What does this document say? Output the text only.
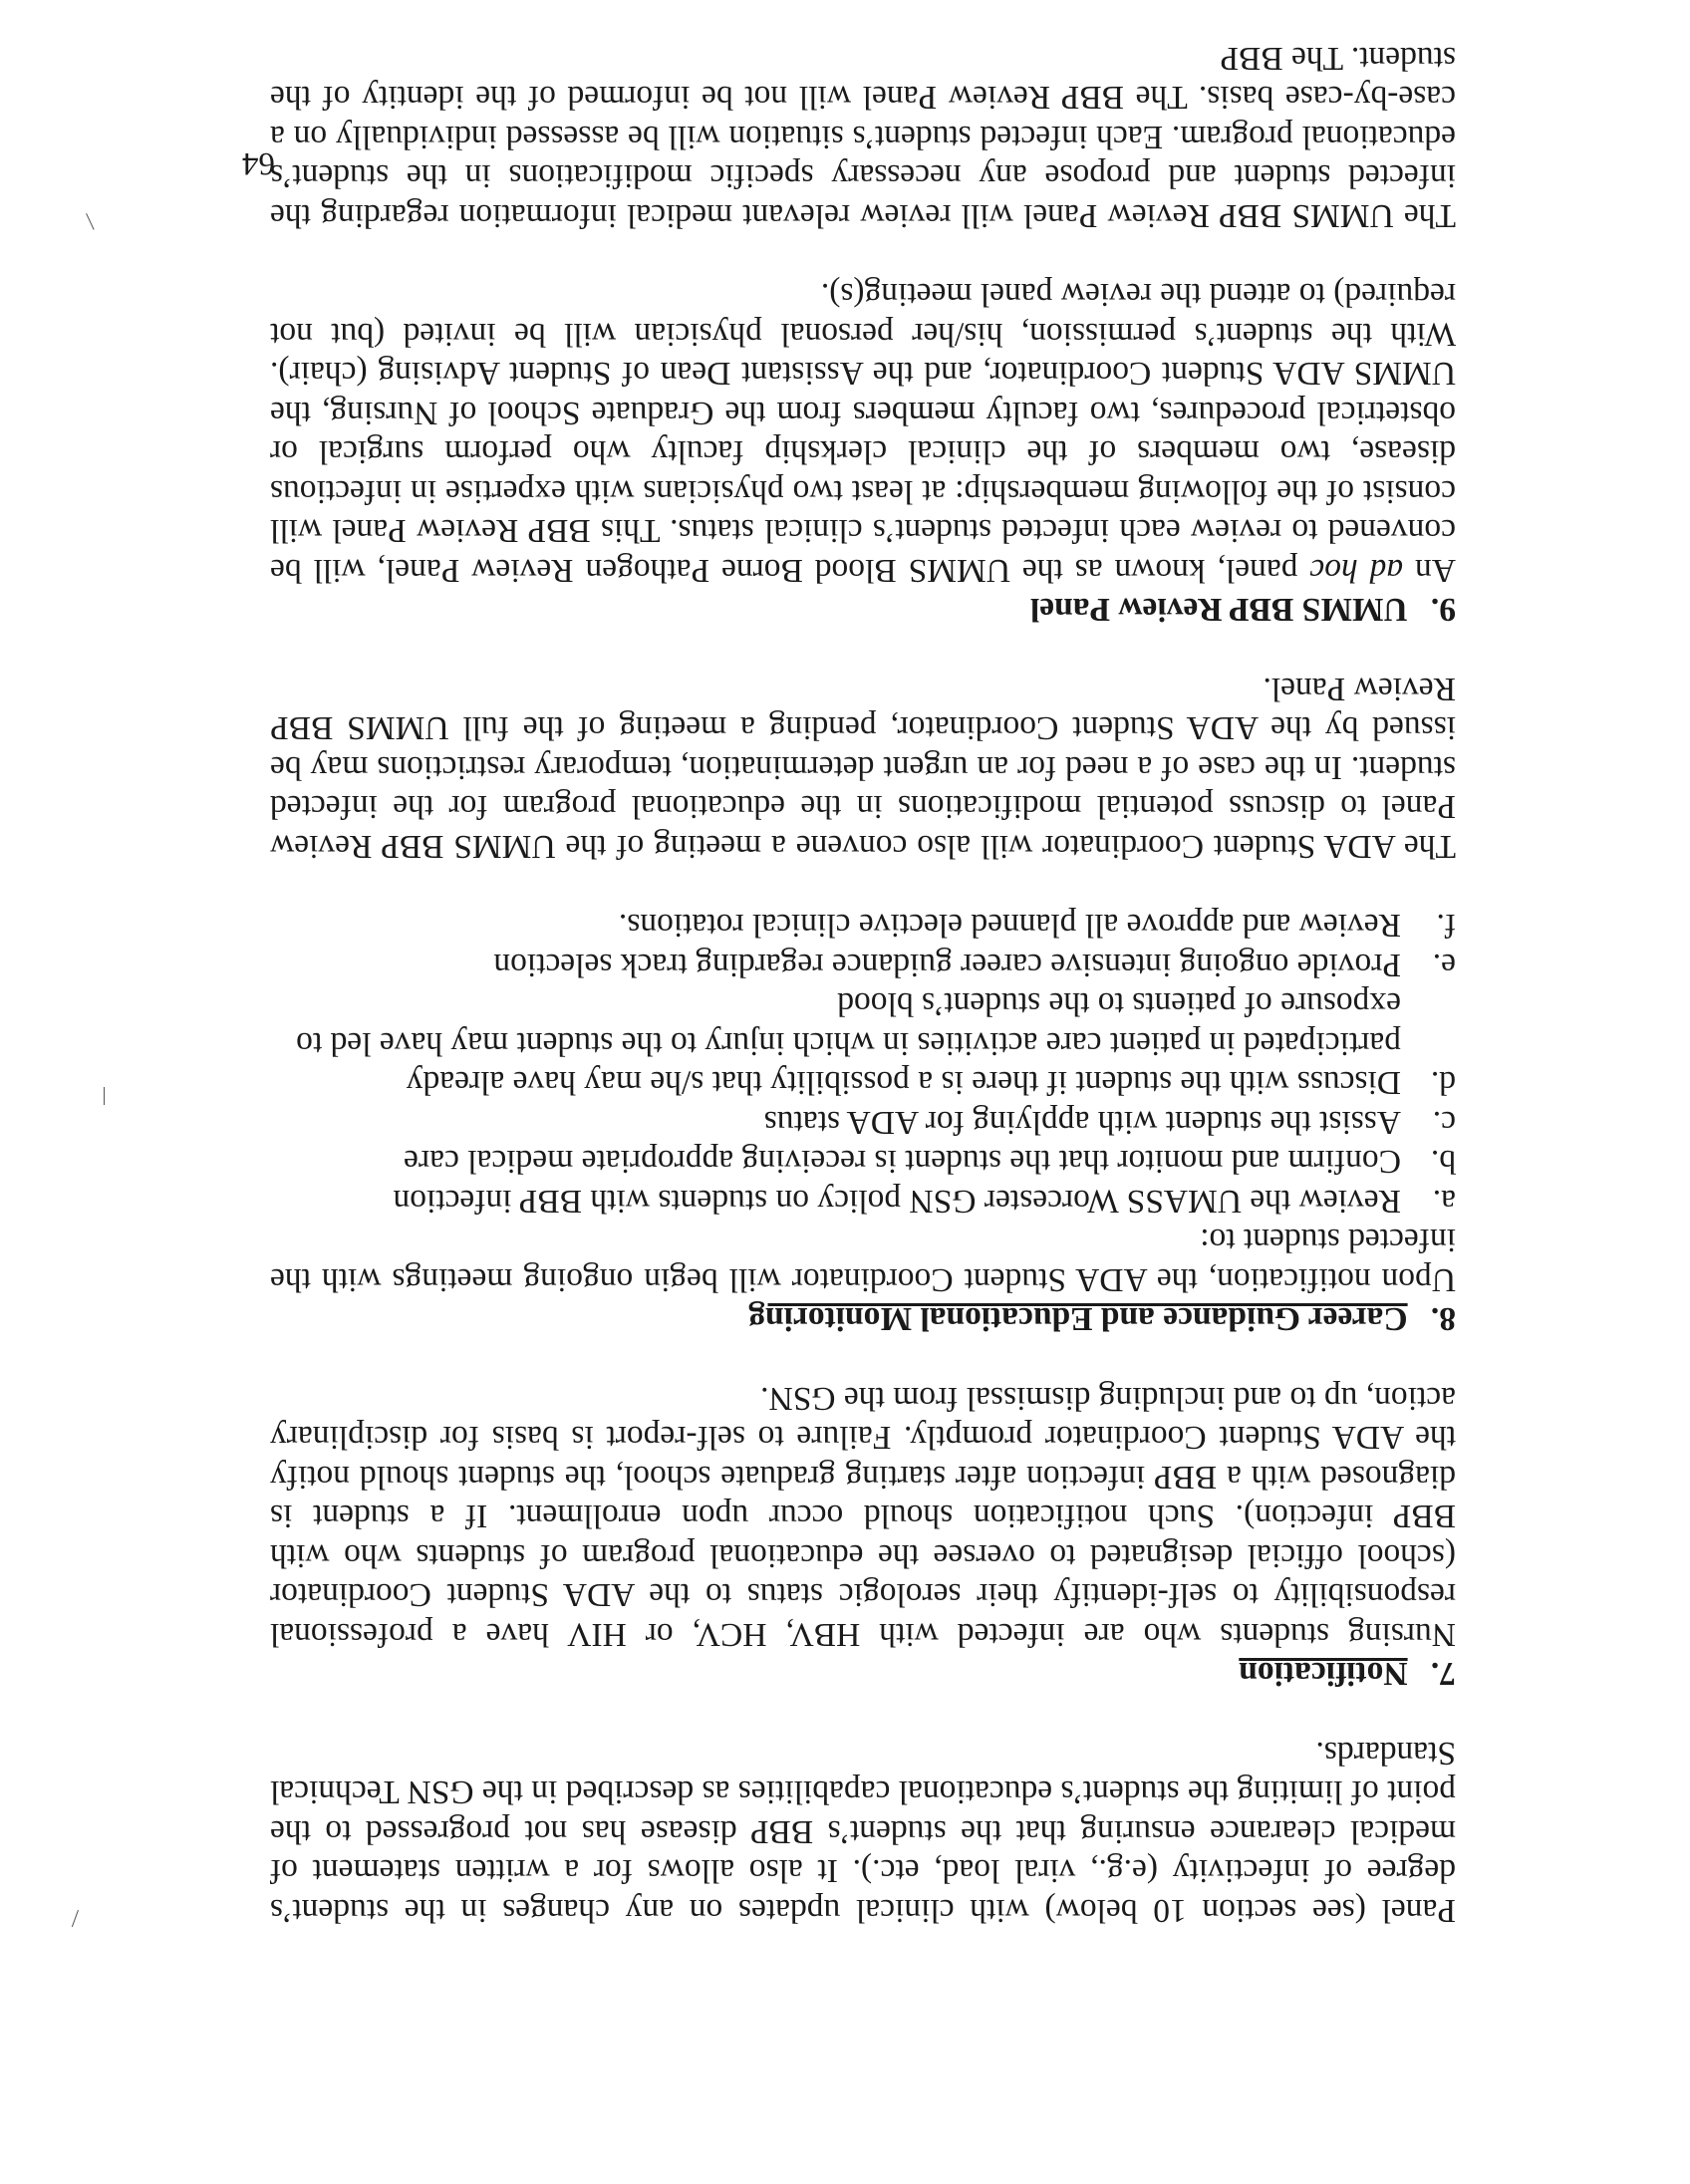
Panel (see section 10 below) with clinical updates on any changes in the student’s degree of infectivity (e.g., viral load, etc.). It also allows for a written statement of medical clearance ensuring that the student’s BBP disease has not progressed to the point of limiting the student’s educational capabilities as described in the GSN Technical Standards.

7. Notification

Nursing students who are infected with HBV, HCV, or HIV have a professional responsibility to self-identify their serologic status to the ADA Student Coordinator (school official designated to oversee the educational program of students who with BBP infection). Such notification should occur upon enrollment. If a student is diagnosed with a BBP infection after starting graduate school, the student should notify the ADA Student Coordinator promptly. Failure to self-report is basis for disciplinary action, up to and including dismissal from the GSN.

8. Career Guidance and Educational Monitoring

Upon notification, the ADA Student Coordinator will begin ongoing meetings with the infected student to:

a.
Review the UMASS Worcester GSN policy on students with BBP infection
b.
Confirm and monitor that the student is receiving appropriate medical care
c.
Assist the student with applying for ADA status
d.
Discuss with the student if there is a possibility that s/he may have already participated in patient care activities in which injury to the student may have led to exposure of patients to the student’s blood
e.
Provide ongoing intensive career guidance regarding track selection
f.
Review and approve all planned elective clinical rotations.

The ADA Student Coordinator will also convene a meeting of the UMMS BBP Review Panel to discuss potential modifications in the educational program for the infected student. In the case of a need for an urgent determination, temporary restrictions may be issued by the ADA Student Coordinator, pending a meeting of the full UMMS BBP Review Panel.

9. UMMS BBP Review Panel

An ad hoc panel, known as the UMMS Blood Borne Pathogen Review Panel, will be convened to review each infected student’s clinical status. This BBP Review Panel will consist of the following membership: at least two physicians with expertise in infectious disease, two members of the clinical clerkship faculty who perform surgical or obstetrical procedures, two faculty members from the Graduate School of Nursing, the UMMS ADA Student Coordinator, and the Assistant Dean of Student Advising (chair). With the student’s permission, his/her personal physician will be invited (but not required) to attend the review panel meeting(s).

The UMMS BBP Review Panel will review relevant medical information regarding the infected student and propose any necessary specific modifications in the student’s educational program. Each infected student’s situation will be assessed individually on a case-by-case basis. The BBP Review Panel will not be informed of the identity of the student. The BBP

64
